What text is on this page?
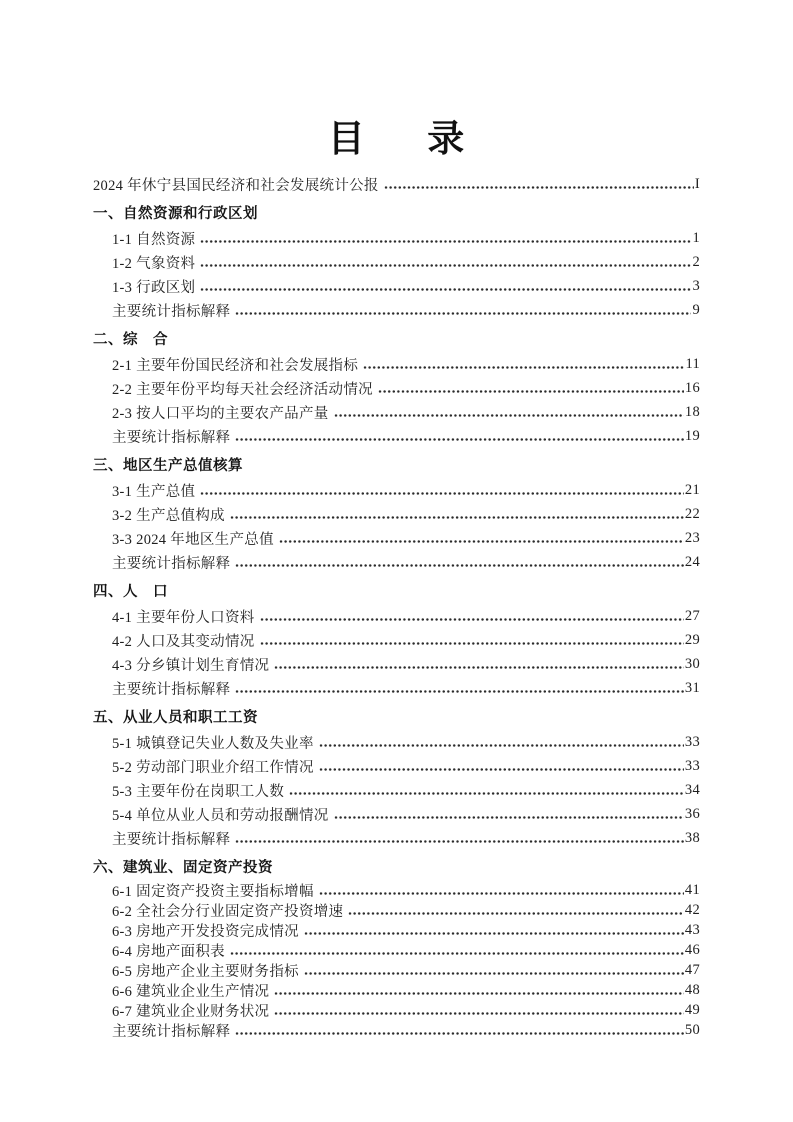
目      录
2024 年休宁县国民经济和社会发展统计公报	I
一、自然资源和行政区划
1-1 自然资源	1
1-2 气象资料	2
1-3 行政区划	3
主要统计指标解释	9
二、综　合
2-1 主要年份国民经济和社会发展指标	11
2-2 主要年份平均每天社会经济活动情况	16
2-3 按人口平均的主要农产品产量	18
主要统计指标解释	19
三、地区生产总值核算
3-1 生产总值	21
3-2 生产总值构成	22
3-3 2024 年地区生产总值	23
主要统计指标解释	24
四、人　口
4-1 主要年份人口资料	27
4-2 人口及其变动情况	29
4-3 分乡镇计划生育情况	30
主要统计指标解释	31
五、从业人员和职工工资
5-1 城镇登记失业人数及失业率	33
5-2 劳动部门职业介绍工作情况	33
5-3 主要年份在岗职工人数	34
5-4 单位从业人员和劳动报酬情况	36
主要统计指标解释	38
六、建筑业、固定资产投资
6-1 固定资产投资主要指标增幅	41
6-2 全社会分行业固定资产投资增速	42
6-3 房地产开发投资完成情况	43
6-4 房地产面积表	46
6-5 房地产企业主要财务指标	47
6-6 建筑业企业生产情况	48
6-7 建筑业企业财务状况	49
主要统计指标解释	50
